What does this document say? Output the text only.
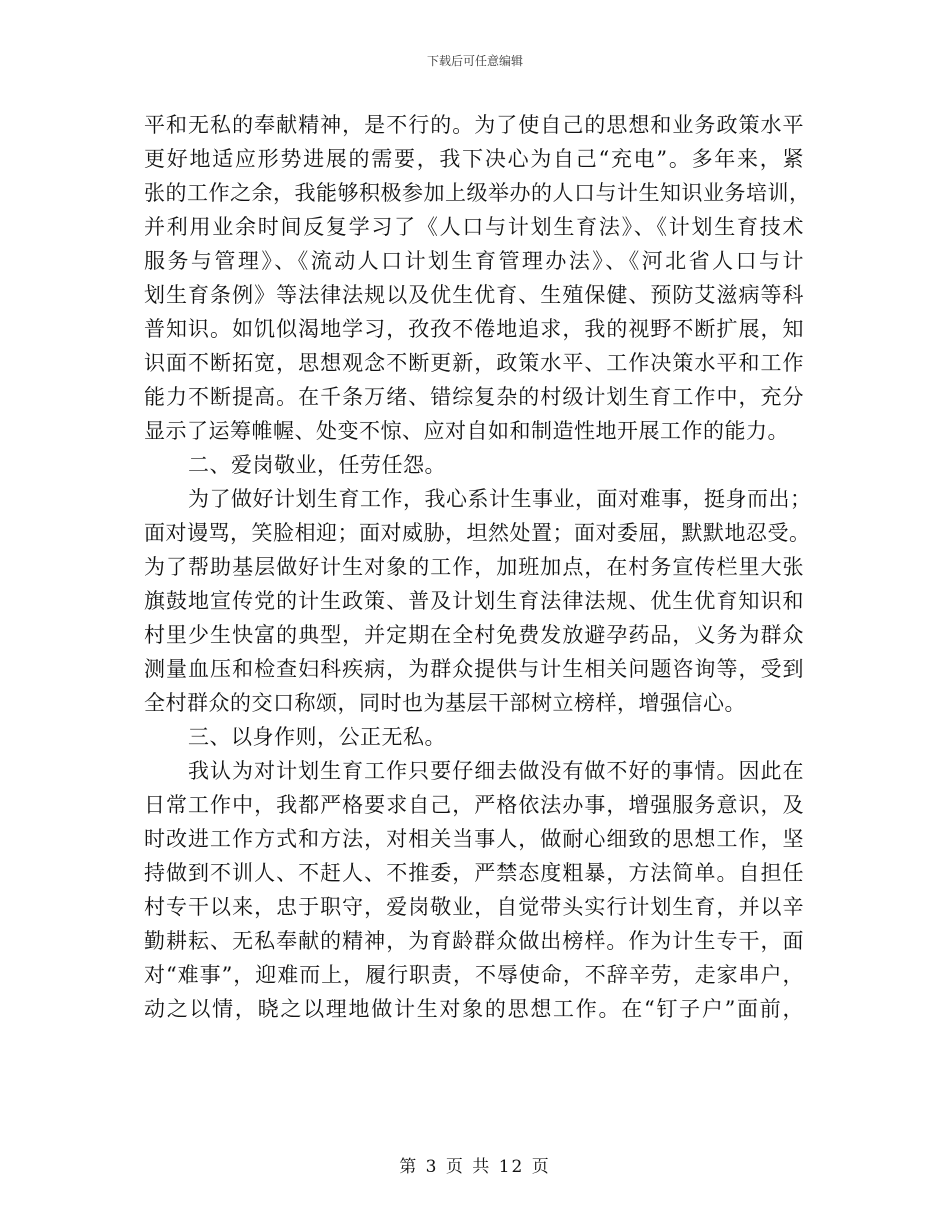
下载后可任意编辑
平和无私的奉献精神，是不行的。为了使自己的思想和业务政策水平
更好地适应形势进展的需要，我下决心为自己“充电”。多年来，紧
张的工作之余，我能够积极参加上级举办的人口与计生知识业务培训，
并利用业余时间反复学习了《人口与计划生育法》、《计划生育技术
服务与管理》、《流动人口计划生育管理办法》、《河北省人口与计
划生育条例》等法律法规以及优生优育、生殖保健、预防艾滋病等科
普知识。如饥似渴地学习，孜孜不倦地追求，我的视野不断扩展，知
识面不断拓宽，思想观念不断更新，政策水平、工作决策水平和工作
能力不断提高。在千条万绪、错综复杂的村级计划生育工作中，充分
显示了运筹帷幄、处变不惊、应对自如和制造性地开展工作的能力。
二、爱岗敬业，任劳任怨。
为了做好计划生育工作，我心系计生事业，面对难事，挺身而出；
面对谩骂，笑脸相迎；面对威胁，坦然处置；面对委屈，默默地忍受。
为了帮助基层做好计生对象的工作，加班加点，在村务宣传栏里大张
旗鼓地宣传党的计生政策、普及计划生育法律法规、优生优育知识和
村里少生快富的典型，并定期在全村免费发放避孕药品，义务为群众
测量血压和检查妇科疾病，为群众提供与计生相关问题咨询等，受到
全村群众的交口称颂，同时也为基层干部树立榜样，增强信心。
三、以身作则，公正无私。
我认为对计划生育工作只要仔细去做没有做不好的事情。因此在
日常工作中，我都严格要求自己，严格依法办事，增强服务意识，及
时改进工作方式和方法，对相关当事人，做耐心细致的思想工作，坚
持做到不训人、不赶人、不推委，严禁态度粗暴，方法简单。自担任
村专干以来，忠于职守，爱岗敬业，自觉带头实行计划生育，并以辛
勤耕耘、无私奉献的精神，为育龄群众做出榜样。作为计生专干，面
对“难事”，迎难而上，履行职责，不辱使命，不辞辛劳，走家串户，
动之以情，晓之以理地做计生对象的思想工作。在“钉子户”面前，
第 3 页 共 12 页
